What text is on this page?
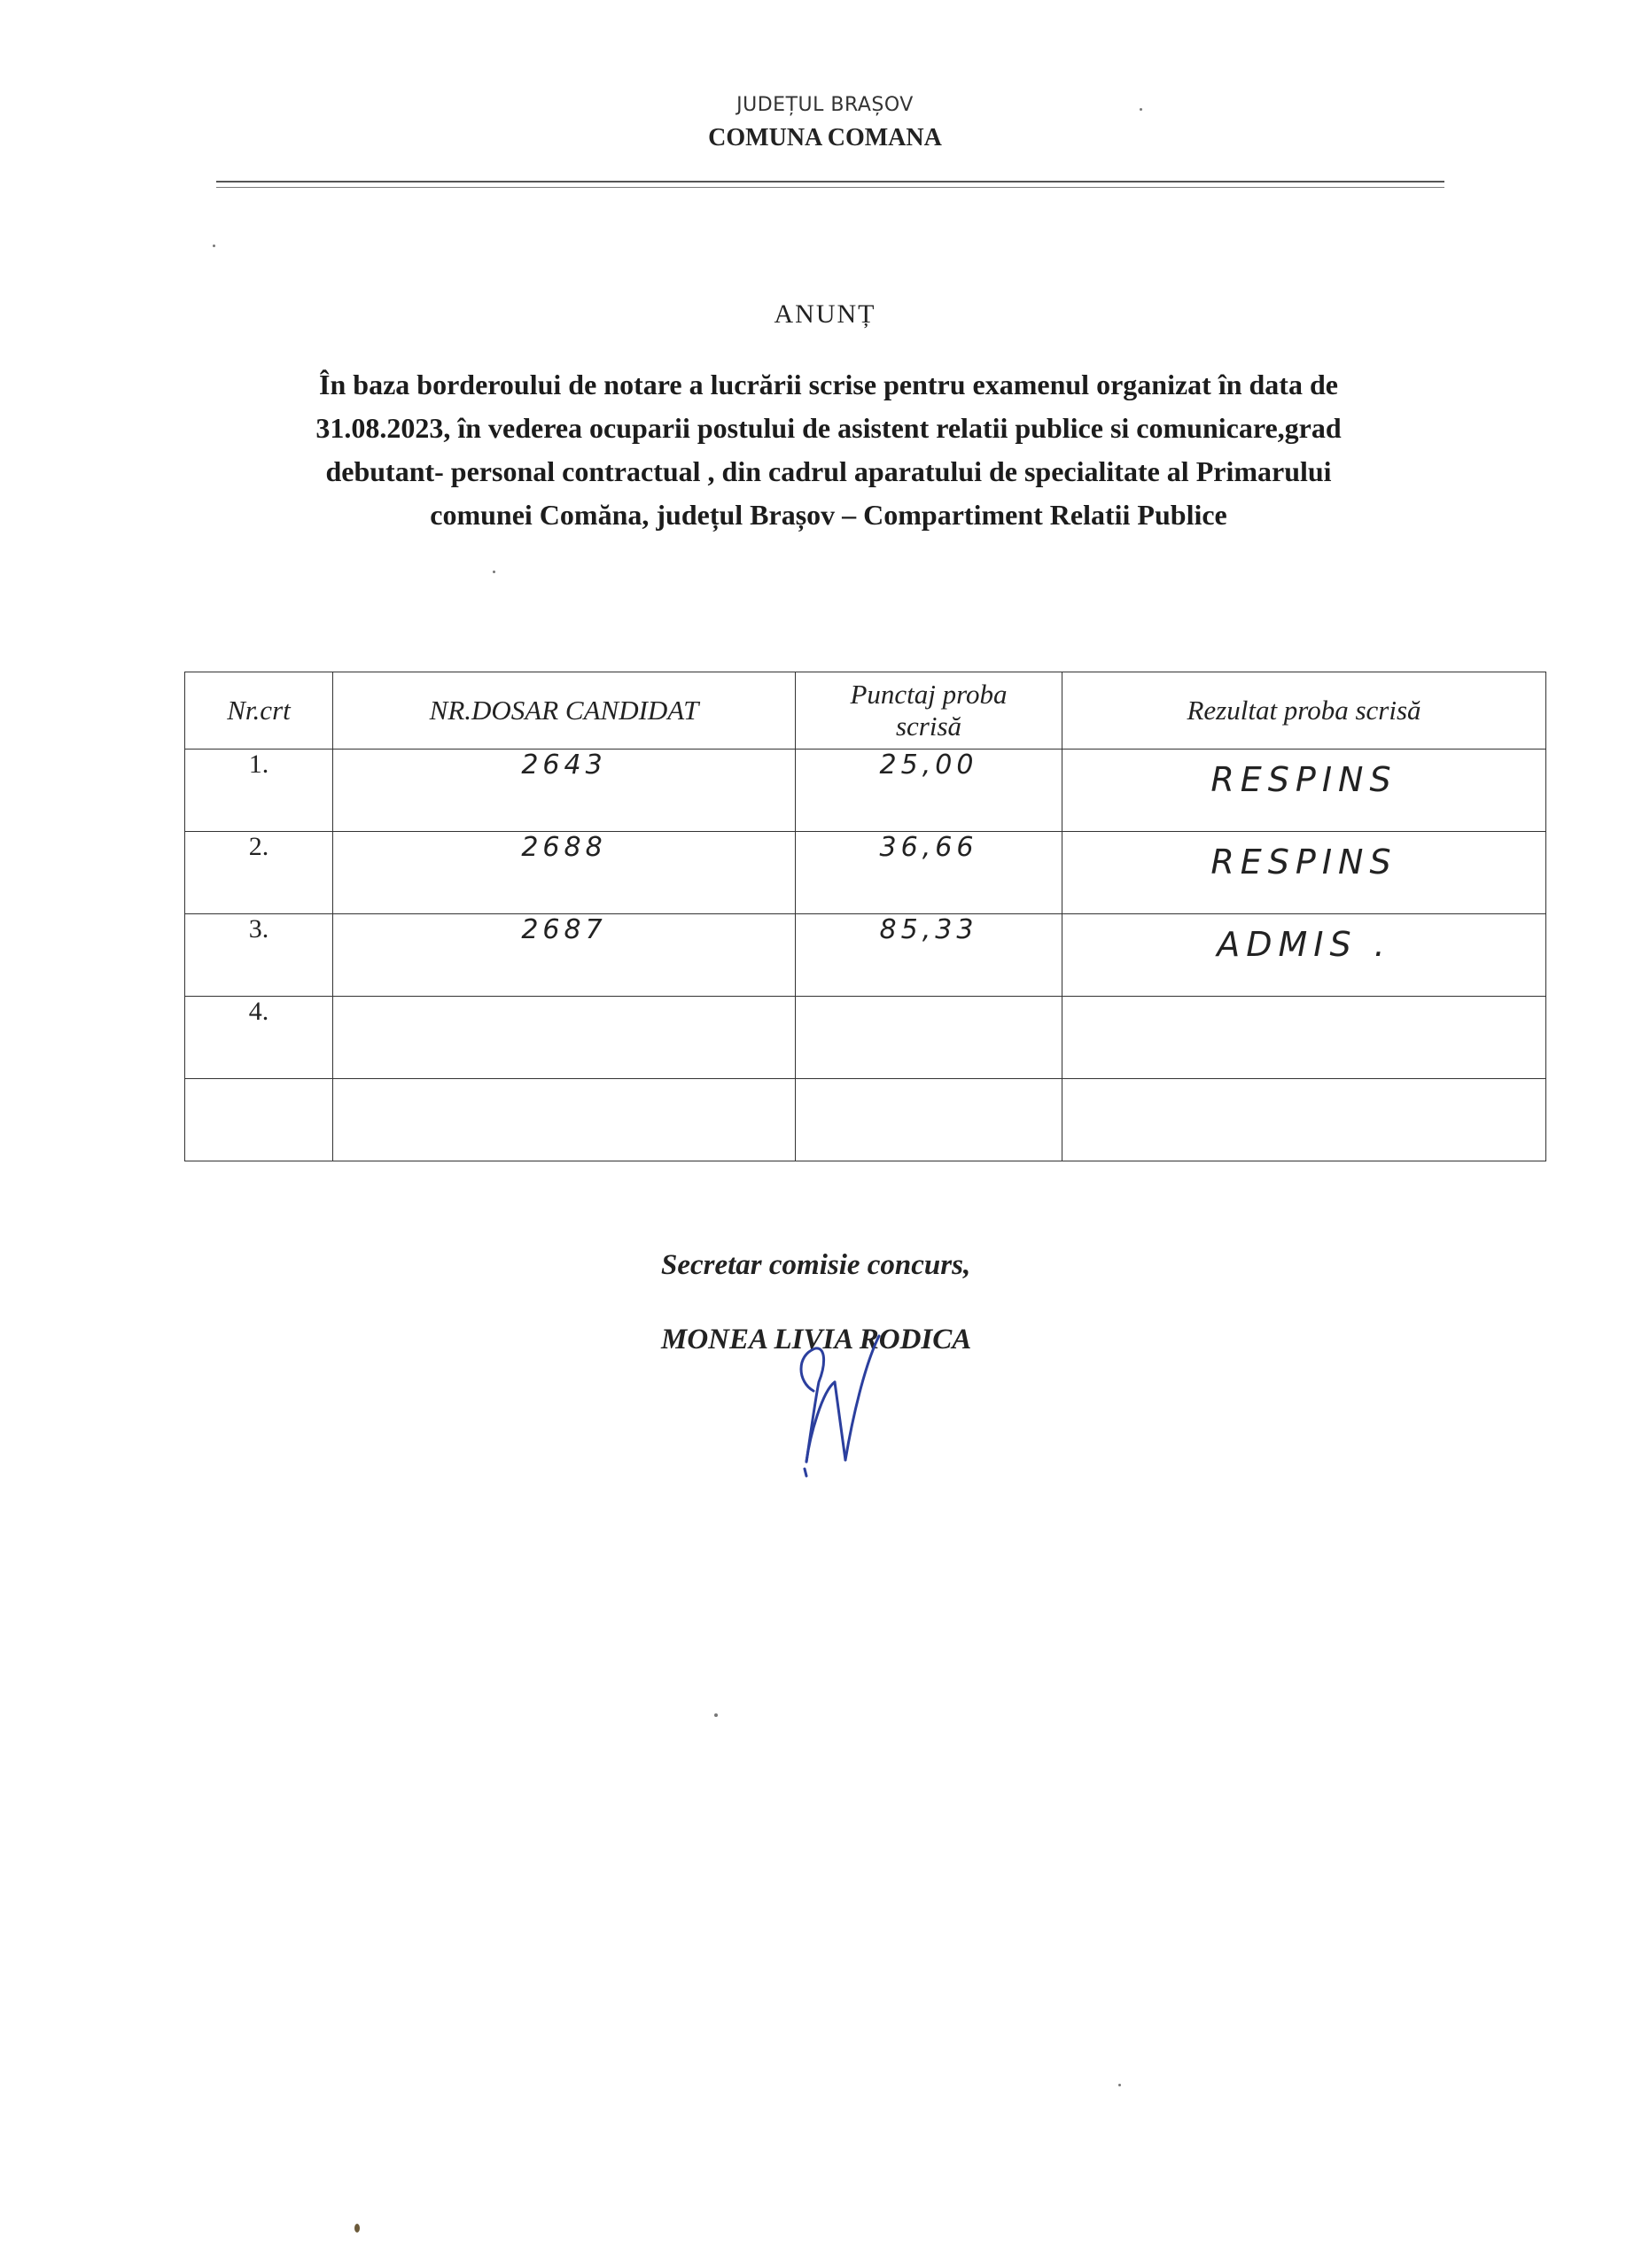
JUDEȚUL BRAȘOV
COMUNA COMANA
ANUNȚ
În baza borderoului de notare a lucrării scrise pentru examenul organizat în data de
31.08.2023, în vederea ocuparii postului de asistent relatii publice si comunicare,grad
debutant- personal contractual , din cadrul aparatului de specialitate al Primarului
comunei Comăna, județul Brașov – Compartiment Relatii Publice
Nr.crt	NR.DOSAR CANDIDAT	Punctaj proba scrisă	Rezultat proba scrisă
1.	2643	25,00	RESPINS
2.	2688	36,66	RESPINS
3.	2687	85,33	ADMIS .
4.			

Secretar comisie concurs,
MONEA LIVIA RODICA
